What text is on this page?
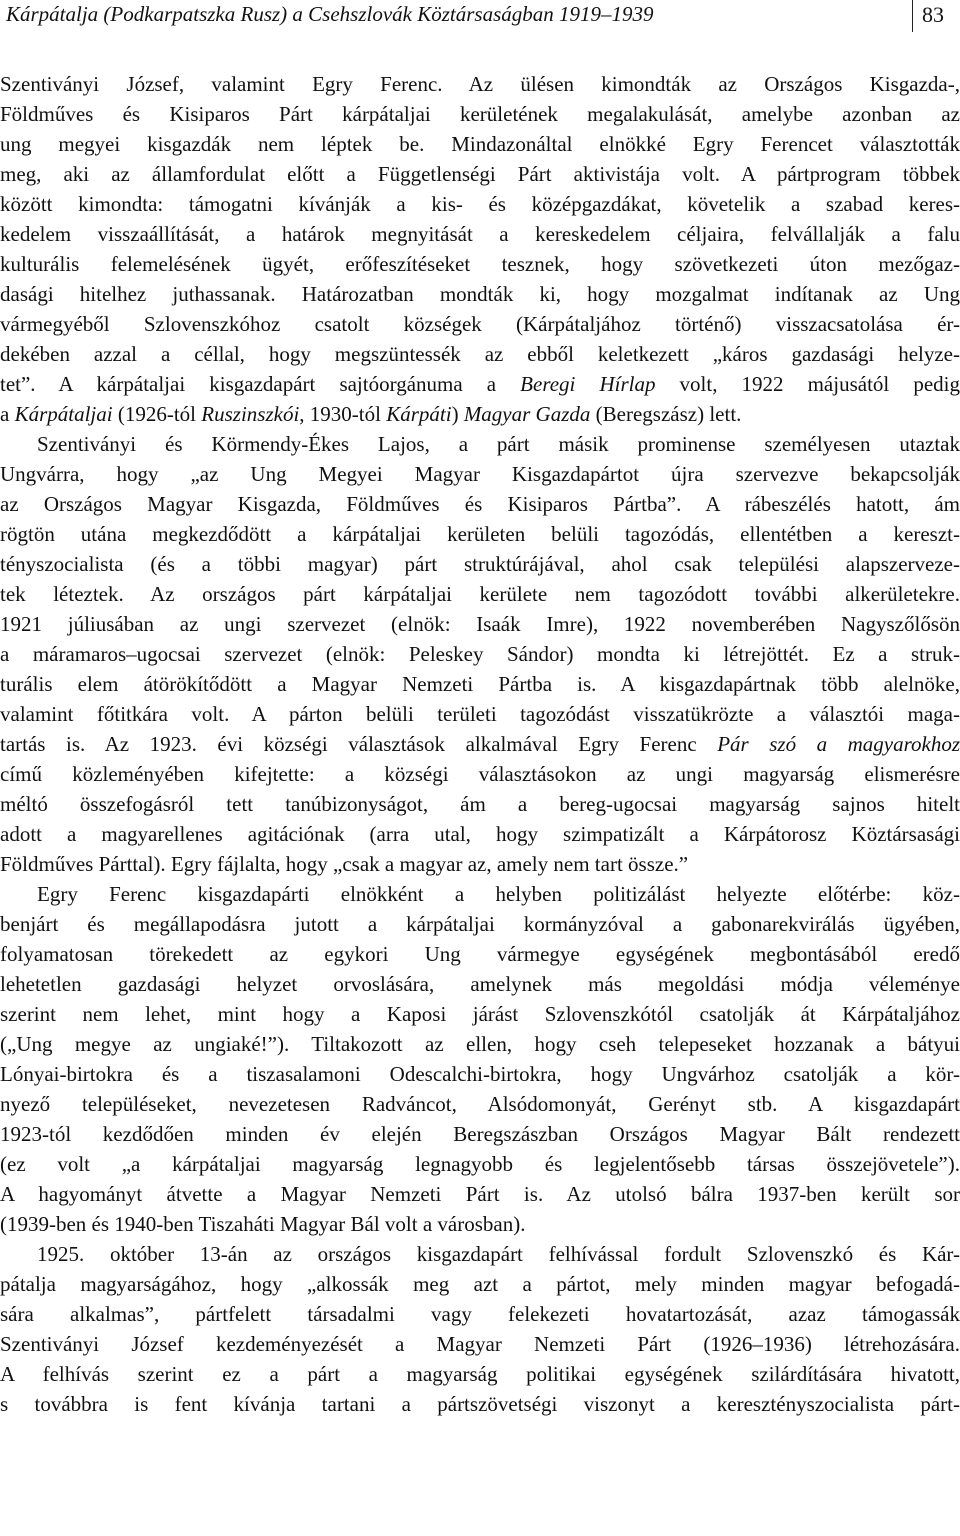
Kárpátalja (Podkarpatszka Rusz) a Csehszlovák Köztársaságban 1919–1939	83
Szentiványi József, valamint Egry Ferenc. Az ülésen kimondták az Országos Kisgazda-,
Földműves és Kisiparos Párt kárpátaljai kerületének megalakulását, amelybe azonban az
ung megyei kisgazdák nem léptek be. Mindazonáltal elnökké Egry Ferencet választották
meg, aki az államfordulat előtt a Függetlenségi Párt aktivistája volt. A pártprogram többek
között kimondta: támogatni kívánják a kis- és középgazdákat, követelik a szabad keres-
kedelem visszaállítását, a határok megnyitását a kereskedelem céljaira, felvállalják a falu
kulturális felemelésének ügyét, erőfeszítéseket tesznek, hogy szövetkezeti úton mezőgaz-
dasági hitelhez juthassanak. Határozatban mondták ki, hogy mozgalmat indítanak az Ung
vármegyéből Szlovenszkóhoz csatolt községek (Kárpátaljához történő) visszacsatolása ér-
dekében azzal a céllal, hogy megszüntessék az ebből keletkezett „káros gazdasági helyze-
tet”. A kárpátaljai kisgazdapárt sajtóorgánuma a Beregi Hírlap volt, 1922 májusától pedig
a Kárpátaljai (1926-tól Ruszinszkói, 1930-tól Kárpáti) Magyar Gazda (Beregszász) lett.
Szentiványi és Körmendy-Ékes Lajos, a párt másik prominense személyesen utaztak
Ungvárra, hogy „az Ung Megyei Magyar Kisgazdapártot újra szervezve bekapcsolják
az Országos Magyar Kisgazda, Földműves és Kisiparos Pártba”. A rábeszélés hatott, ám
rögtön utána megkezdődött a kárpátaljai kerületen belüli tagozódás, ellentétben a kereszt-
tényszocialista (és a többi magyar) párt struktúrájával, ahol csak települési alapszerveze-
tek léteztek. Az országos párt kárpátaljai kerülete nem tagozódott további alkerületekre.
1921 júliusában az ungi szervezet (elnök: Isaák Imre), 1922 novemberében Nagyszőlősön
a máramaros–ugocsai szervezet (elnök: Peleskey Sándor) mondta ki létrejöttét. Ez a struk-
turális elem átörökítődött a Magyar Nemzeti Pártba is. A kisgazdapártnak több alelnöke,
valamint főtitkára volt. A párton belüli területi tagozódást visszatükrözte a választói maga-
tartás is. Az 1923. évi községi választások alkalmával Egry Ferenc Pár szó a magyarokhoz
című közleményében kifejtette: a községi választásokon az ungi magyarság elismerésre
méltó összefogásról tett tanúbizonyságot, ám a bereg-ugocsai magyarság sajnos hitelt
adott a magyarellenes agitációnak (arra utal, hogy szimpatizált a Kárpátorosz Köztársasági
Földműves Párttal). Egry fájlalta, hogy „csak a magyar az, amely nem tart össze.”
Egry Ferenc kisgazdapárti elnökként a helyben politizálást helyezte előtérbe: köz-
benjárt és megállapodásra jutott a kárpátaljai kormányzóval a gabonarekvirálás ügyében,
folyamatosan törekedett az egykori Ung vármegye egységének megbontásából eredő
lehetetlen gazdasági helyzet orvoslására, amelynek más megoldási módja véleménye
szerint nem lehet, mint hogy a Kaposi járást Szlovenszkótól csatolják át Kárpátaljához
(„Ung megye az ungiaké!”). Tiltakozott az ellen, hogy cseh telepeseket hozzanak a bátyui
Lónyai-birtokra és a tiszasalamoni Odescalchi-birtokra, hogy Ungvárhoz csatolják a kör-
nyező településeket, nevezetesen Radváncot, Alsódomonyát, Gerényt stb. A kisgazdapárt
1923-tól kezdődően minden év elején Beregszászban Országos Magyar Bált rendezett
(ez volt „a kárpátaljai magyarság legnagyobb és legjelentősebb társas összejövetele”).
A hagyományt átvette a Magyar Nemzeti Párt is. Az utolsó bálra 1937-ben került sor
(1939-ben és 1940-ben Tiszaháti Magyar Bál volt a városban).
1925. október 13-án az országos kisgazdapárt felhívással fordult Szlovenszkó és Kár-
pátalja magyarságához, hogy „alkossák meg azt a pártot, mely minden magyar befogadá-
sára alkalmas”, pártfelett társadalmi vagy felekezeti hovatartozását, azaz támogassák
Szentiványi József kezdeményezését a Magyar Nemzeti Párt (1926–1936) létrehozására.
A felhívás szerint ez a párt a magyarság politikai egységének szilárdítására hivatott,
s továbbra is fent kívánja tartani a pártszövetségi viszonyt a keresztényszocialista párt-
